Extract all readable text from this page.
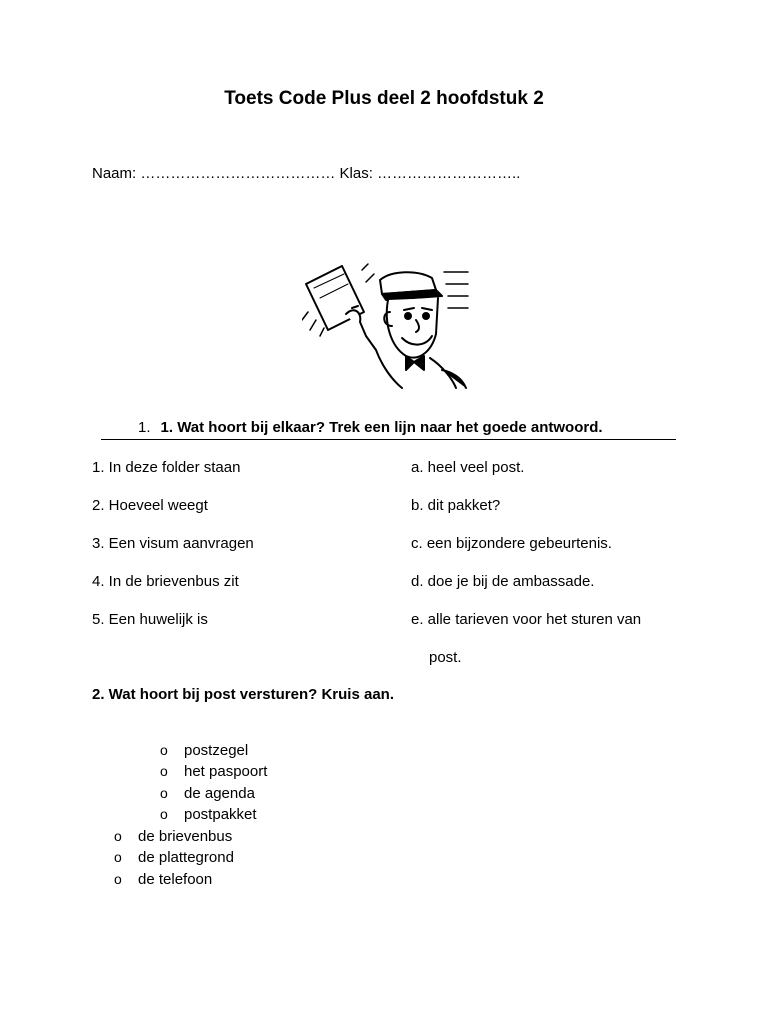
Toets Code Plus deel 2 hoofdstuk 2
Naam: ………………………………… Klas: ………………………..
1. 1. Wat hoort bij elkaar? Trek een lijn naar het goede antwoord.
1. In deze folder staan
2. Hoeveel weegt
3. Een visum aanvragen
4. In de brievenbus zit
5. Een huwelijk is
a. heel veel post.
b. dit pakket?
c. een bijzondere gebeurtenis.
d. doe je bij de ambassade.
e. alle tarieven voor het sturen van
post.
2. Wat hoort bij post versturen? Kruis aan.
o postzegel
o het paspoort
o de agenda
o postpakket
o de brievenbus
o de plattegrond
o de telefoon
